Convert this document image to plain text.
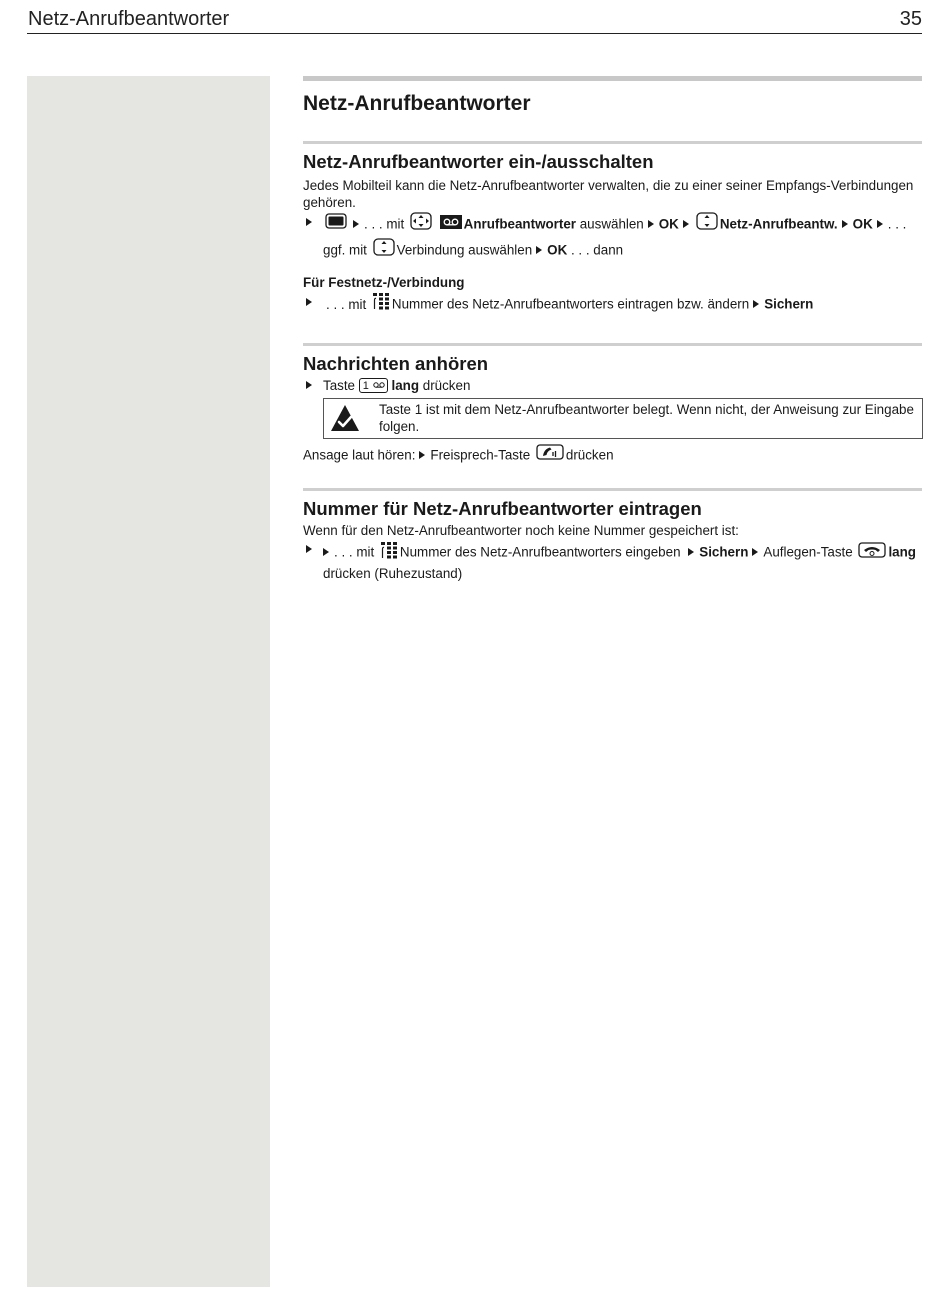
Netz-Anrufbeantworter	35
Netz-Anrufbeantworter
Netz-Anrufbeantworter ein-/ausschalten
Jedes Mobilteil kann die Netz-Anrufbeantworter verwalten, die zu einer seiner Empfangs-Verbindungen gehören.
. . . mit	Anrufbeantworter auswählen OK	Netz-Anrufbeantw. OK . . .
ggf. mit Verbindung auswählen OK . . . dann
Für Festnetz-/Verbindung
. . . mit Nummer des Netz-Anrufbeantworters eintragen bzw. ändern Sichern
Nachrichten anhören
Taste 1 lang drücken
Taste 1 ist mit dem Netz-Anrufbeantworter belegt. Wenn nicht, der Anweisung zur Eingabe folgen.
Ansage laut hören: Freisprech-Taste	drücken
Nummer für Netz-Anrufbeantworter eintragen
Wenn für den Netz-Anrufbeantworter noch keine Nummer gespeichert ist:
. . . mit Nummer des Netz-Anrufbeantworters eingeben Sichern Auflegen-Taste	lang drücken (Ruhezustand)
